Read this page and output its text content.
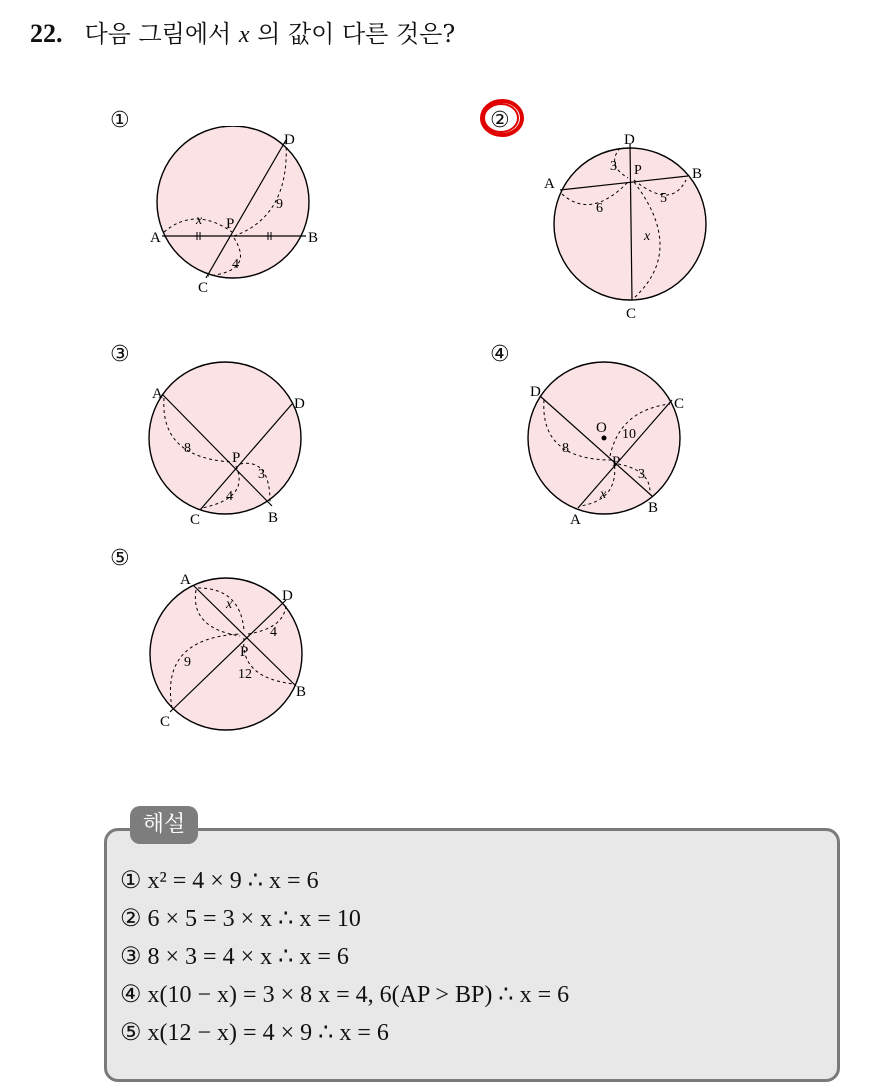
22. 다음 그림에서 x 의 값이 다른 것은?
①
A	B
C
D
P
x
9
4
②
D
A
B
C
P
3
6
5
x
③
A
D
B
C
P
8
3
4
④
D
C
B
A
P
O 10
8
3
x
⑤
A
D
B
C
P
x
4
9
12
해설
① x² = 4 × 9 ∴ x = 6
② 6 × 5 = 3 × x ∴ x = 10
③ 8 × 3 = 4 × x ∴ x = 6
④ x(10 − x) = 3 × 8 x = 4, 6(AP > BP) ∴ x = 6
⑤ x(12 − x) = 4 × 9 ∴ x = 6
